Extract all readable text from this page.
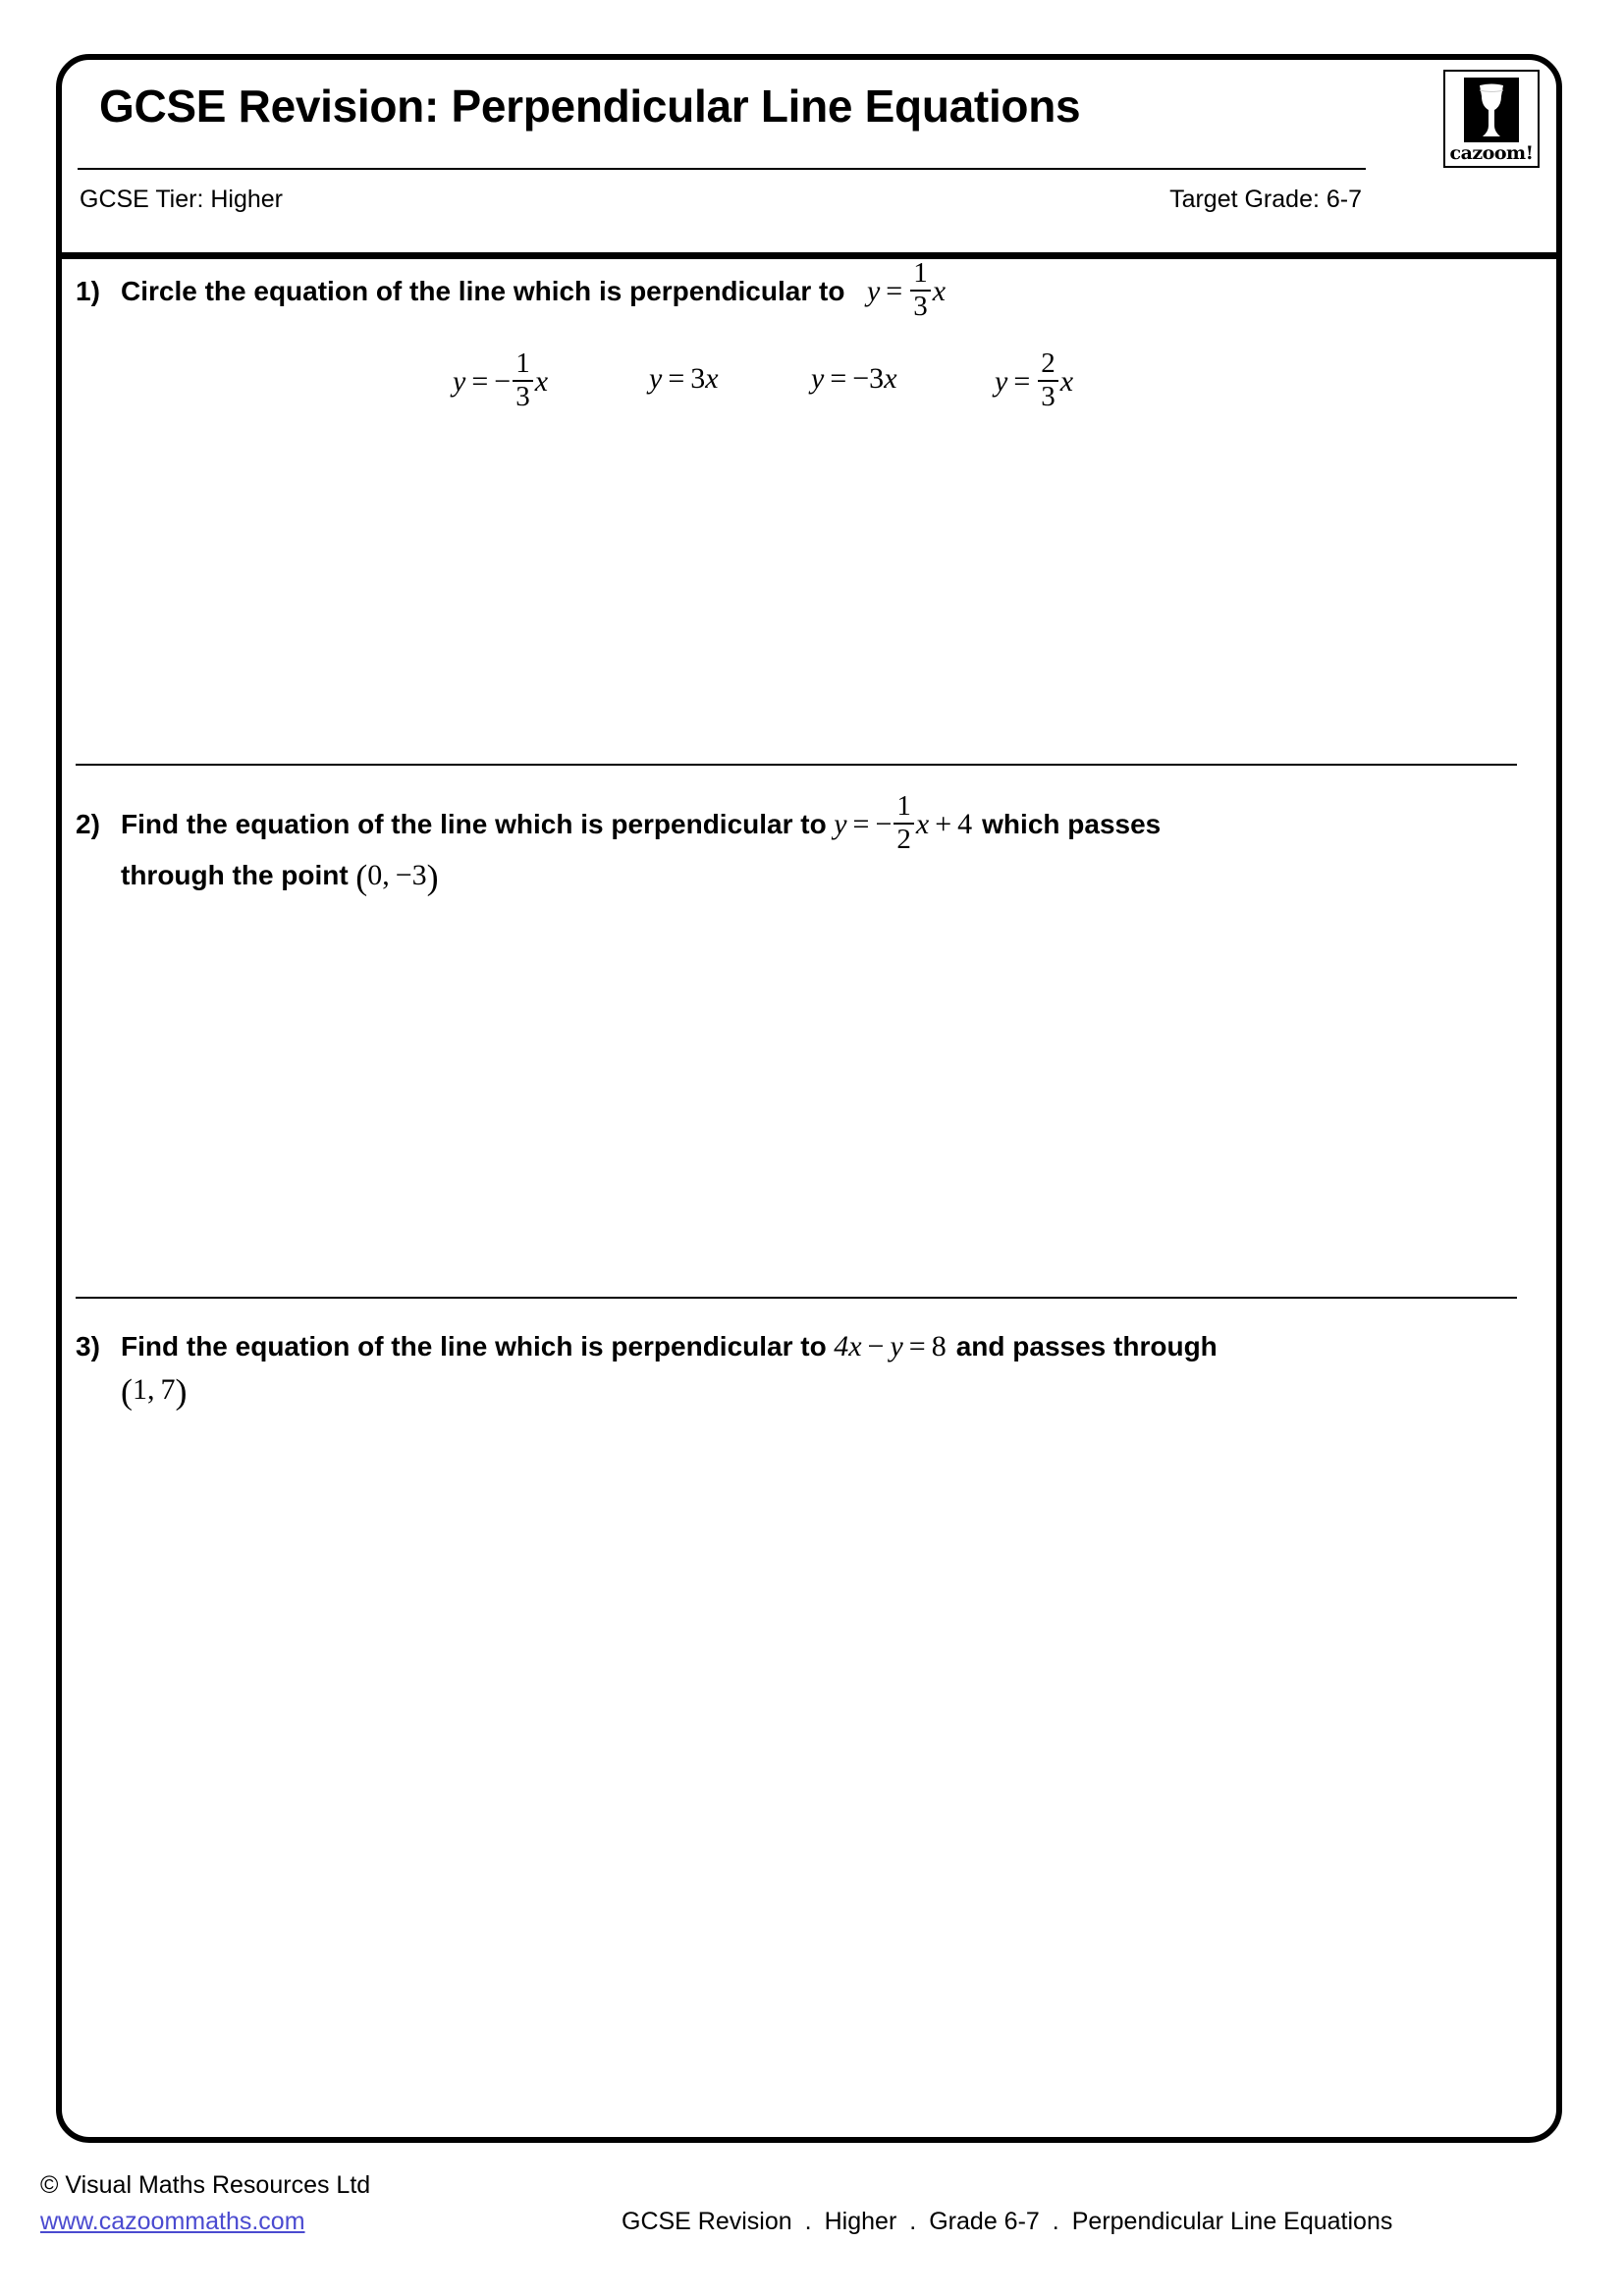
GCSE Revision: Perpendicular Line Equations
GCSE Tier: Higher	Target Grade: 6-7
cazoom!
1) Circle the equation of the line which is perpendicular to   $y = \frac{1}{3}$ x
y = − $\frac{1}{3}$ x	y = 3x	y = −3x	$y = \frac{2}{3}$ x
2) Find the equation of the line which is perpendicular to y = − $\frac{1}{2}$ x + 4 which passes
through the point (0, −3)
3) Find the equation of the line which is perpendicular to 4x − y = 8 and passes through
(1, 7)
© Visual Maths Resources Ltd
www.cazoommaths.com	GCSE Revision . Higher . Grade 6-7 . Perpendicular Line Equations
